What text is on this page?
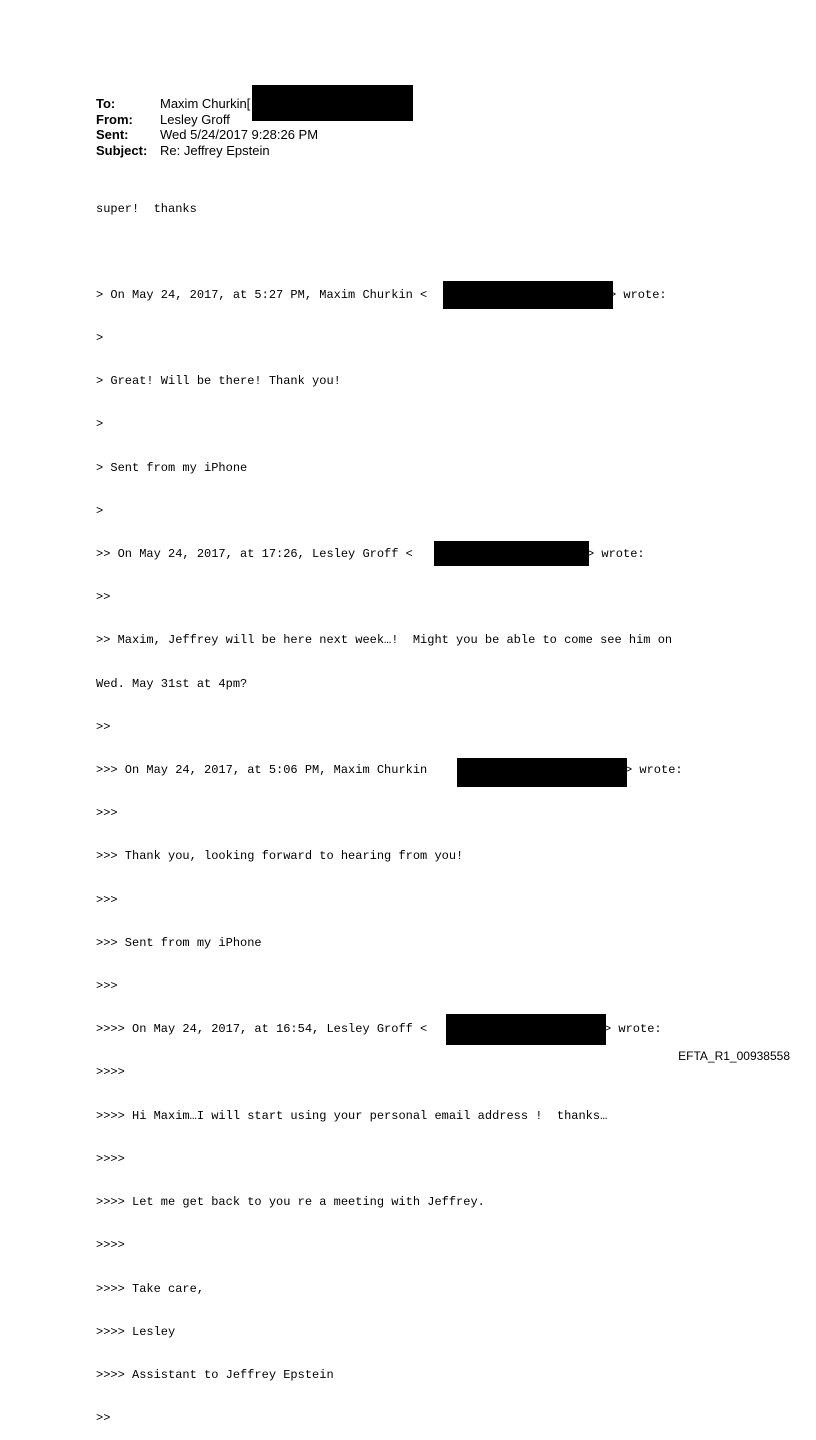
To:	Maxim Churkin[
From:	Lesley Groff
Sent:	Wed 5/24/2017 9:28:26 PM
Subject: Re: Jeffrey Epstein

super!  thanks

> On May 24, 2017, at 5:27 PM, Maxim Churkin <	> wrote:

>

> Great! Will be there! Thank you!

>

> Sent from my iPhone

>

>> On May 24, 2017, at 17:26, Lesley Groff <	> wrote:

>>

>> Maxim, Jeffrey will be here next week…!  Might you be able to come see him on

Wed. May 31st at 4pm?

>>

>>> On May 24, 2017, at 5:06 PM, Maxim Churkin	> wrote:

>>>

>>> Thank you, looking forward to hearing from you!

>>>

>>> Sent from my iPhone

>>>

>>>> On May 24, 2017, at 16:54, Lesley Groff <	> wrote:

>>>>

>>>> Hi Maxim…I will start using your personal email address !  thanks…

>>>>

>>>> Let me get back to you re a meeting with Jeffrey.

>>>>

>>>> Take care,

>>>> Lesley

>>>> Assistant to Jeffrey Epstein

>>

EFTA_R1_00938558
